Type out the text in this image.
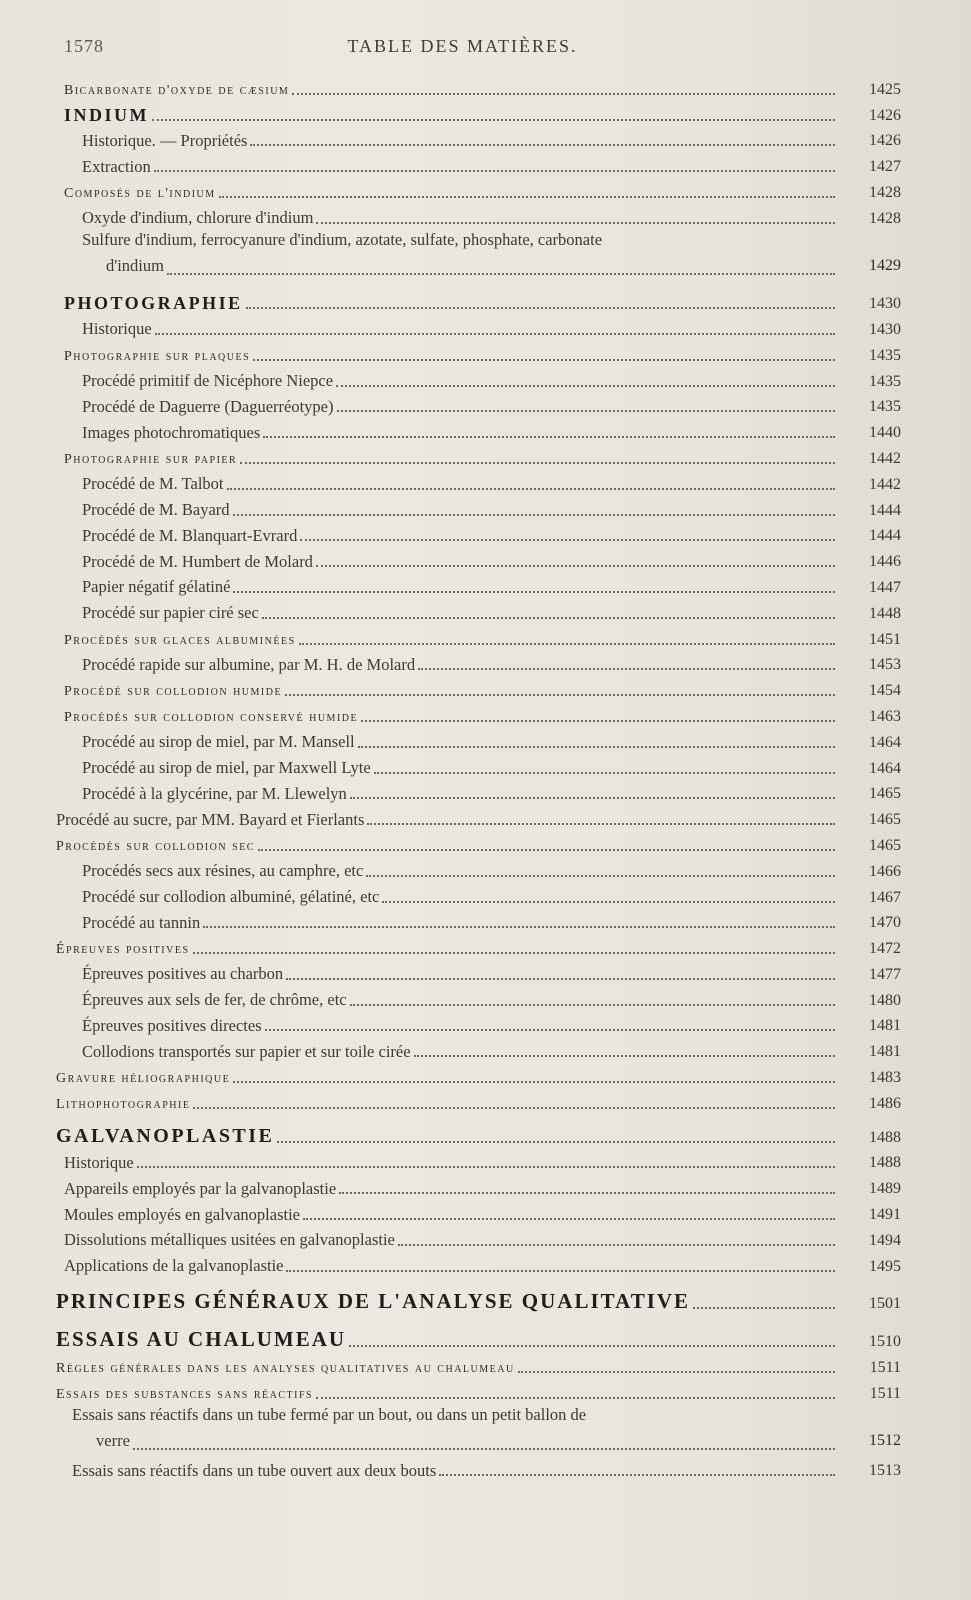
1578	TABLE DES MATIÈRES.
Bicarbonate d'oxyde de cæsium	1425
INDIUM	1426
Historique. — Propriétés	1426
Extraction	1427
Composés de l'indium	1428
Oxyde d'indium, chlorure d'indium	1428
Sulfure d'indium, ferrocyanure d'indium, azotate, sulfate, phosphate, carbonate
d'indium	1429
PHOTOGRAPHIE	1430
Historique	1430
Photographie sur plaques	1435
Procédé primitif de Nicéphore Niepce	1435
Procédé de Daguerre (Daguerréotype)	1435
Images photochromatiques	1440
Photographie sur papier	1442
Procédé de M. Talbot	1442
Procédé de M. Bayard	1444
Procédé de M. Blanquart-Evrard	1444
Procédé de M. Humbert de Molard	1446
Papier négatif gélatiné	1447
Procédé sur papier ciré sec	1448
Procédés sur glaces albuminées	1451
Procédé rapide sur albumine, par M. H. de Molard	1453
Procédé sur collodion humide	1454
Procédés sur collodion conservé humide	1463
Procédé au sirop de miel, par M. Mansell	1464
Procédé au sirop de miel, par Maxwell Lyte	1464
Procédé à la glycérine, par M. Llewelyn	1465
Procédé au sucre, par MM. Bayard et Fierlants	1465
Procédés sur collodion sec	1465
Procédés secs aux résines, au camphre, etc	1466
Procédé sur collodion albuminé, gélatiné, etc	1467
Procédé au tannin	1470
Épreuves positives	1472
Épreuves positives au charbon	1477
Épreuves aux sels de fer, de chrôme, etc	1480
Épreuves positives directes	1481
Collodions transportés sur papier et sur toile cirée	1481
Gravure héliographique	1483
Lithophotographie	1486
GALVANOPLASTIE	1488
Historique	1488
Appareils employés par la galvanoplastie	1489
Moules employés en galvanoplastie	1491
Dissolutions métalliques usitées en galvanoplastie	1494
Applications de la galvanoplastie	1495
PRINCIPES GÉNÉRAUX DE L'ANALYSE QUALITATIVE	1501
ESSAIS AU CHALUMEAU	1510
Règles générales dans les analyses qualitatives au chalumeau	1511
Essais des substances sans réactifs	1511
Essais sans réactifs dans un tube fermé par un bout, ou dans un petit ballon de
verre	1512
Essais sans réactifs dans un tube ouvert aux deux bouts	1513
